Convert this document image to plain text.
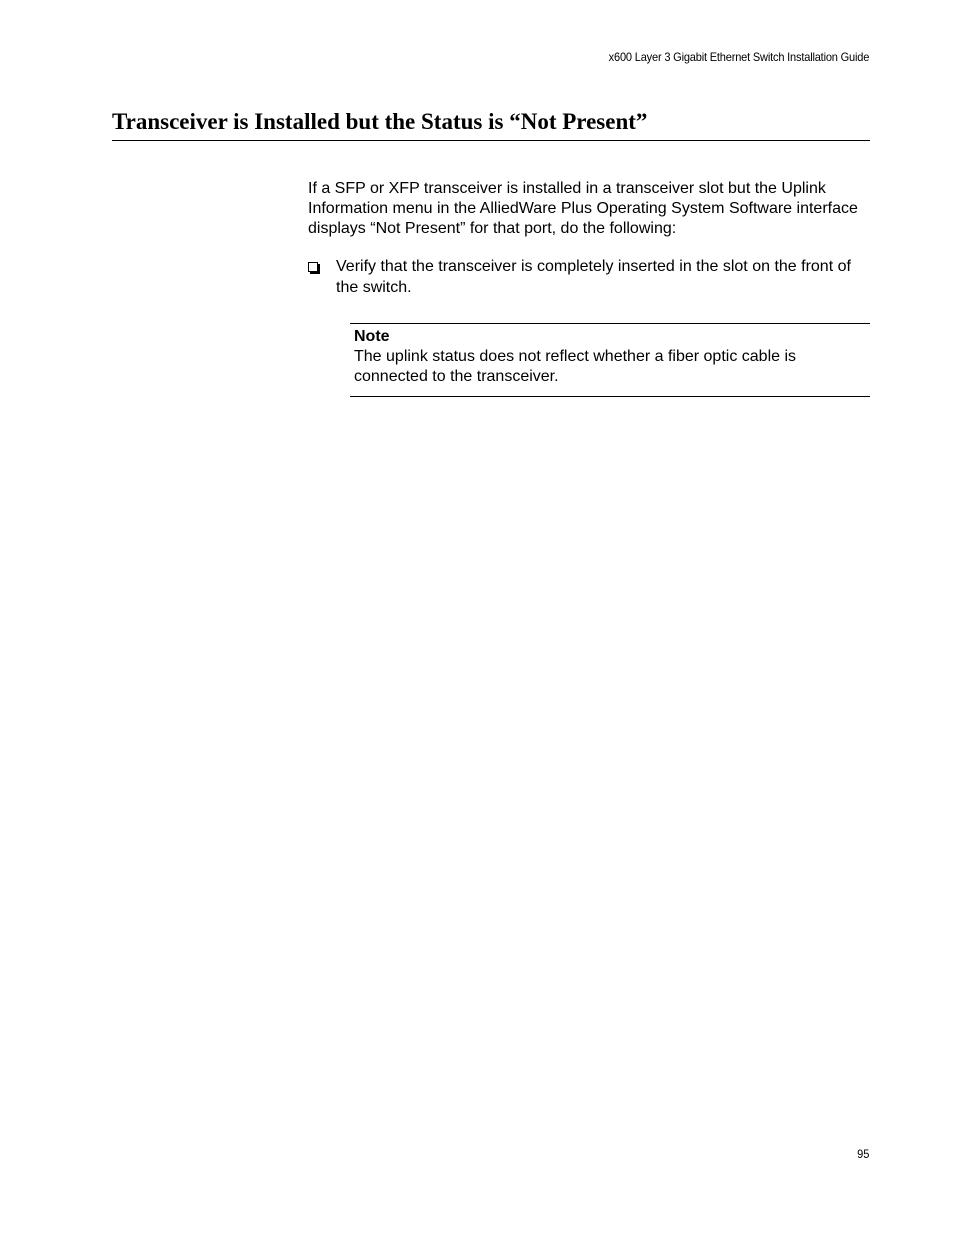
x600 Layer 3 Gigabit Ethernet Switch Installation Guide
Transceiver is Installed but the Status is “Not Present”

If a SFP or XFP transceiver is installed in a transceiver slot but the Uplink Information menu in the AlliedWare Plus Operating System Software interface displays “Not Present” for that port, do the following:

Verify that the transceiver is completely inserted in the slot on the front of the switch.
Note
The uplink status does not reflect whether a fiber optic cable is connected to the transceiver.
95
